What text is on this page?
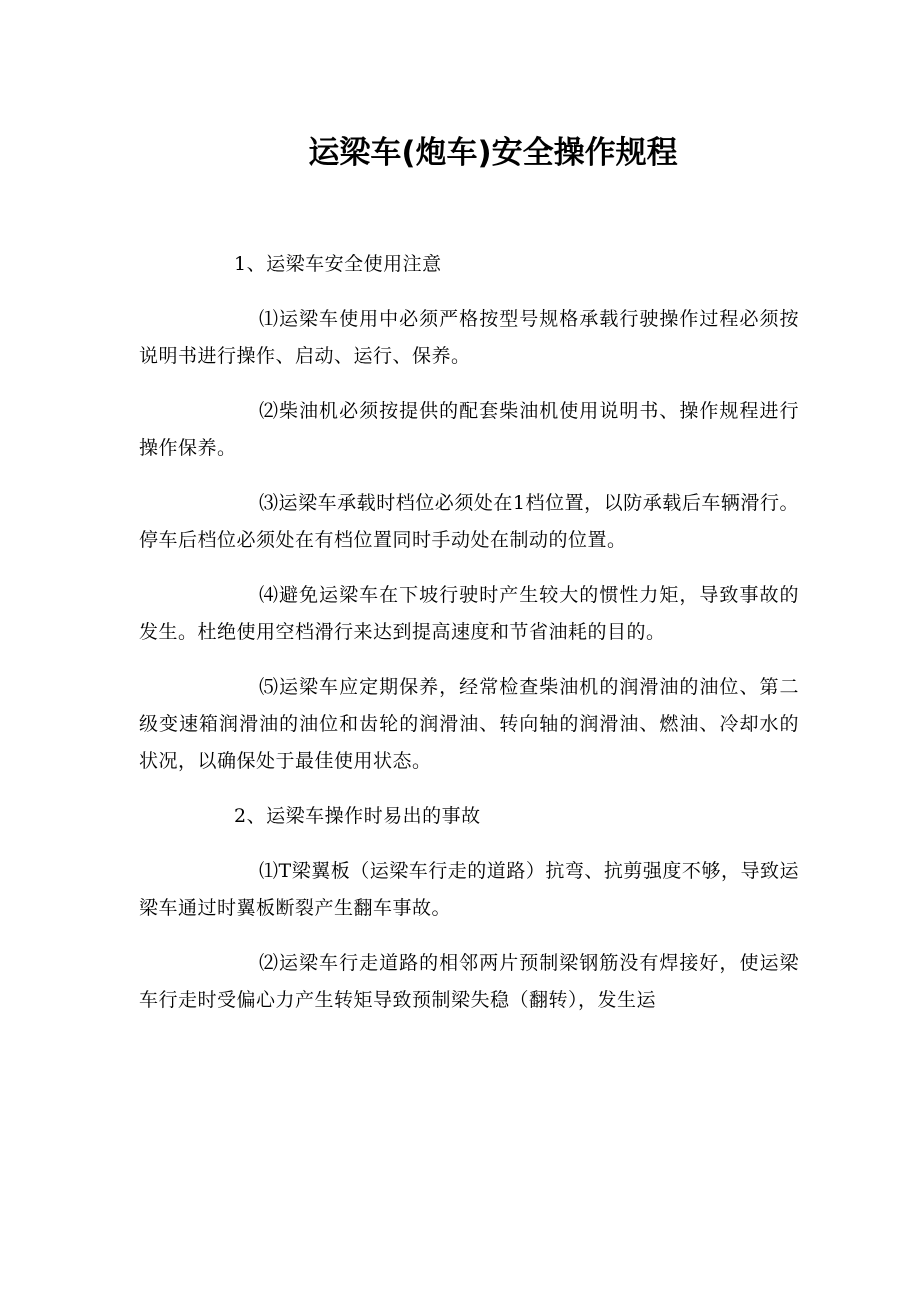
运梁车(炮车)安全操作规程

1、运梁车安全使用注意

⑴运梁车使用中必须严格按型号规格承载行驶操作过程必须按说明书进行操作、启动、运行、保养。

⑵柴油机必须按提供的配套柴油机使用说明书、操作规程进行操作保养。

⑶运梁车承载时档位必须处在1档位置，以防承载后车辆滑行。停车后档位必须处在有档位置同时手动处在制动的位置。

⑷避免运梁车在下坡行驶时产生较大的惯性力矩，导致事故的发生。杜绝使用空档滑行来达到提高速度和节省油耗的目的。

⑸运梁车应定期保养，经常检查柴油机的润滑油的油位、第二级变速箱润滑油的油位和齿轮的润滑油、转向轴的润滑油、燃油、冷却水的状况，以确保处于最佳使用状态。

2、运梁车操作时易出的事故

⑴T梁翼板（运梁车行走的道路）抗弯、抗剪强度不够，导致运梁车通过时翼板断裂产生翻车事故。

⑵运梁车行走道路的相邻两片预制梁钢筋没有焊接好，使运梁车行走时受偏心力产生转矩导致预制梁失稳（翻转），发生运
